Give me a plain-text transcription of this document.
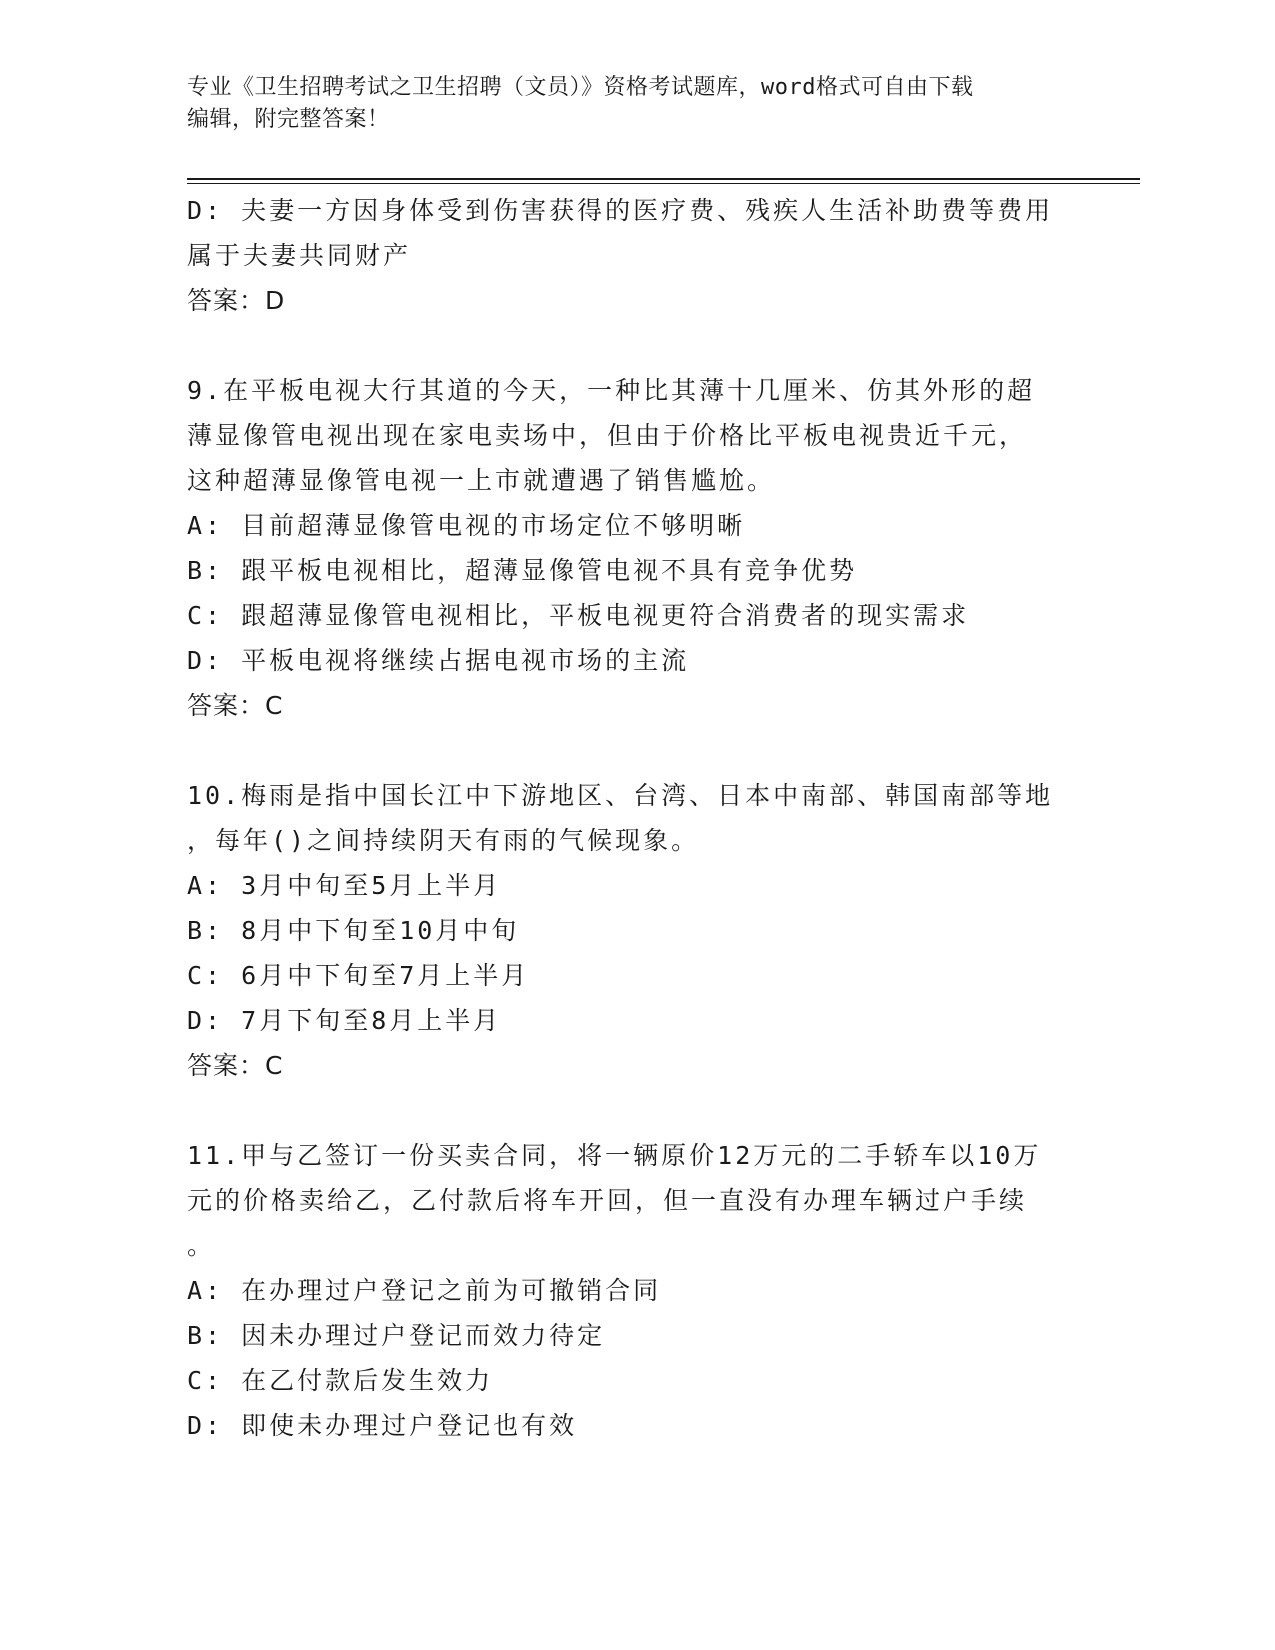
专业《卫生招聘考试之卫生招聘（文员）》资格考试题库，word格式可自由下载
编辑，附完整答案！
D: 夫妻一方因身体受到伤害获得的医疗费、残疾人生活补助费等费用
属于夫妻共同财产
答案：D
9.在平板电视大行其道的今天，一种比其薄十几厘米、仿其外形的超
薄显像管电视出现在家电卖场中，但由于价格比平板电视贵近千元，
这种超薄显像管电视一上市就遭遇了销售尴尬。
A: 目前超薄显像管电视的市场定位不够明晰
B: 跟平板电视相比，超薄显像管电视不具有竞争优势
C: 跟超薄显像管电视相比，平板电视更符合消费者的现实需求
D: 平板电视将继续占据电视市场的主流
答案：C
10.梅雨是指中国长江中下游地区、台湾、日本中南部、韩国南部等地
，每年()之间持续阴天有雨的气候现象。
A: 3月中旬至5月上半月
B: 8月中下旬至10月中旬
C: 6月中下旬至7月上半月
D: 7月下旬至8月上半月
答案：C
11.甲与乙签订一份买卖合同，将一辆原价12万元的二手轿车以10万
元的价格卖给乙，乙付款后将车开回，但一直没有办理车辆过户手续
。
A: 在办理过户登记之前为可撤销合同
B: 因未办理过户登记而效力待定
C: 在乙付款后发生效力
D: 即使未办理过户登记也有效
